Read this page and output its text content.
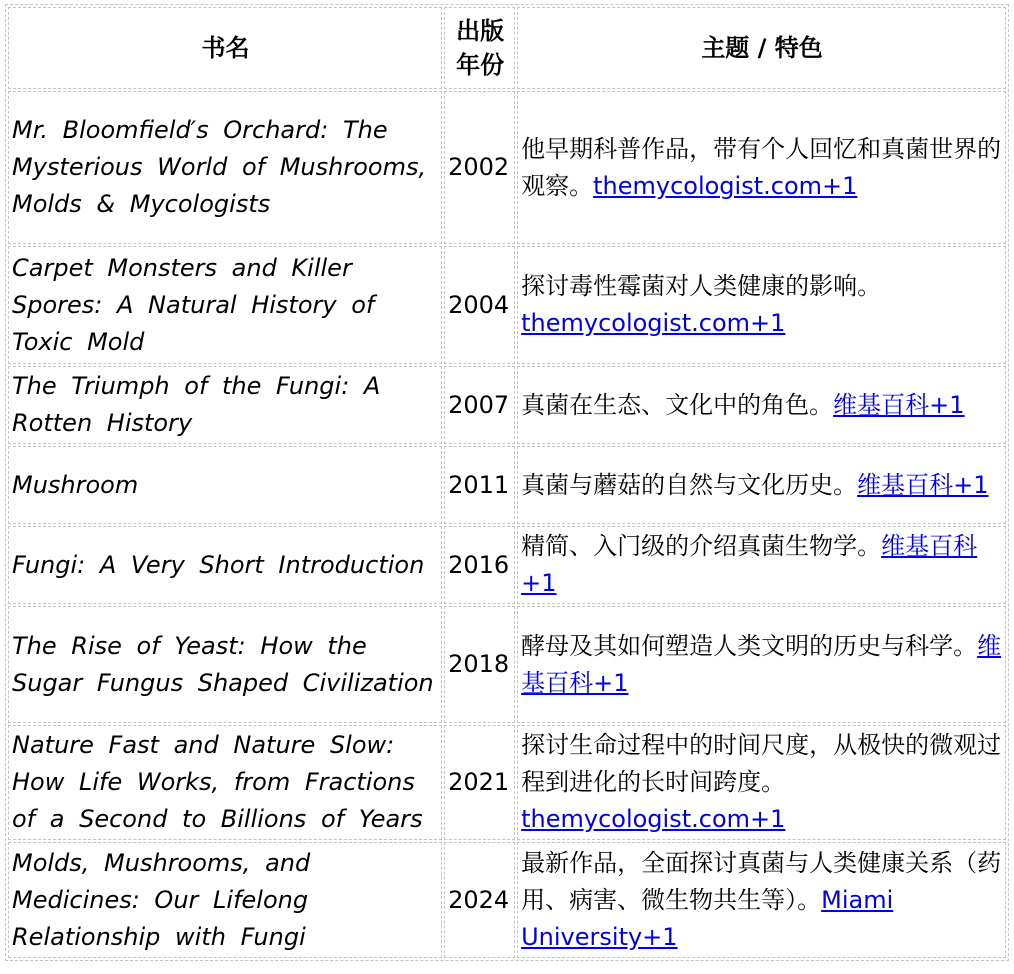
书名	出版年份	主题 / 特色
Mr. Bloomfield′s Orchard: The Mysterious World of Mushrooms, Molds & Mycologists	2002	他早期科普作品，带有个人回忆和真菌世界的观察。themycologist.com+1
Carpet Monsters and Killer Spores: A Natural History of Toxic Mold	2004	探讨毒性霉菌对人类健康的影响。themycologist.com+1
The Triumph of the Fungi: A Rotten History	2007	真菌在生态、文化中的角色。维基百科+1
Mushroom	2011	真菌与蘑菇的自然与文化历史。维基百科+1
Fungi: A Very Short Introduction	2016	精简、入门级的介绍真菌生物学。维基百科+1
The Rise of Yeast: How the Sugar Fungus Shaped Civilization	2018	酵母及其如何塑造人类文明的历史与科学。维基百科+1
Nature Fast and Nature Slow: How Life Works, from Fractions of a Second to Billions of Years	2021	探讨生命过程中的时间尺度，从极快的微观过程到进化的长时间跨度。themycologist.com+1
Molds, Mushrooms, and Medicines: Our Lifelong Relationship with Fungi	2024	最新作品，全面探讨真菌与人类健康关系（药用、病害、微生物共生等）。Miami University+1
